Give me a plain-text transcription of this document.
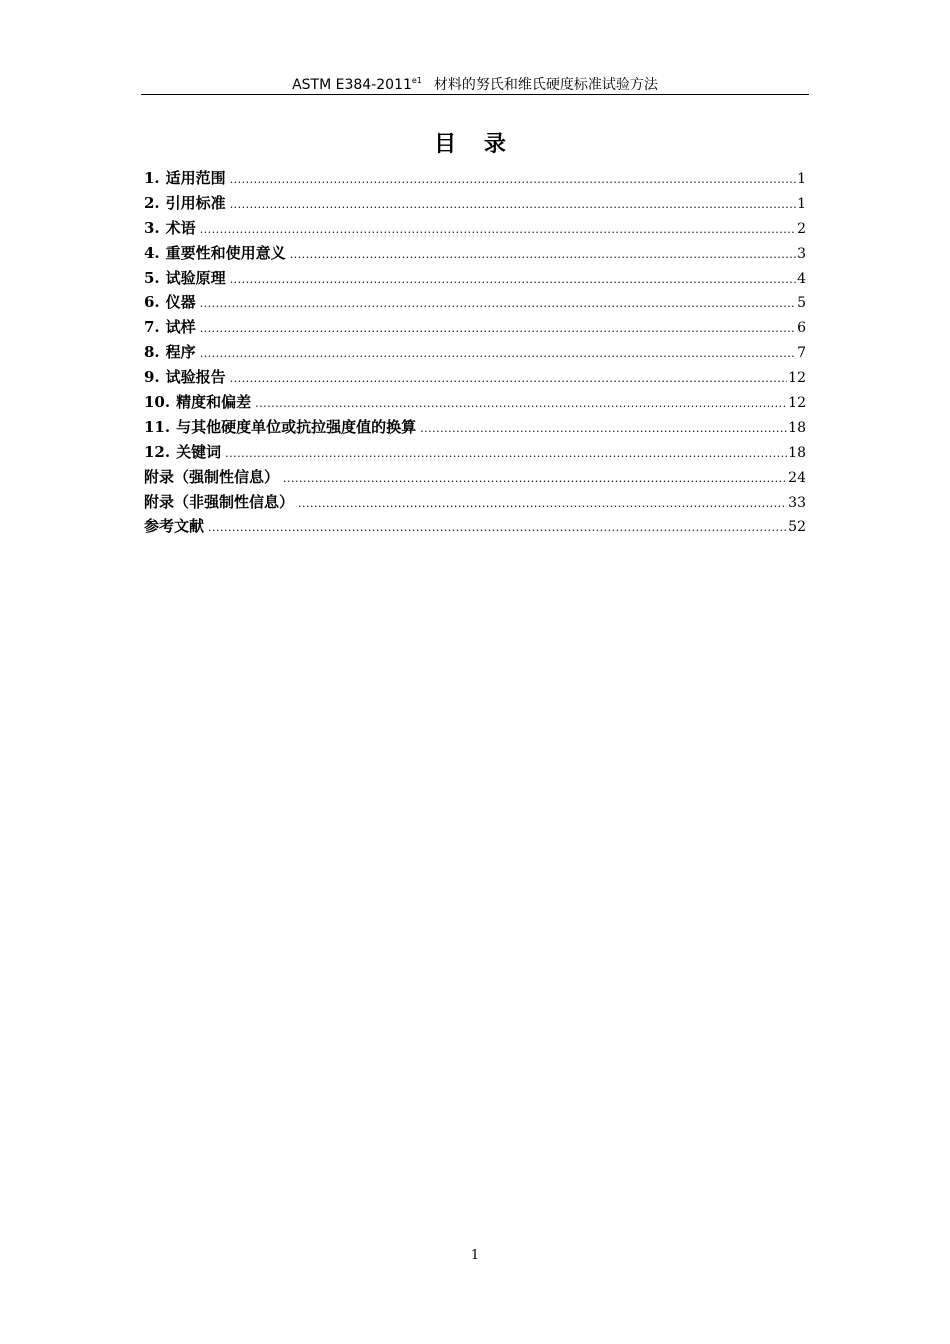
ASTM $E384-2011^{e1}$ 材料的努氏和维氏硬度标准试验方法
目 录
1. 适用范围 .....	1
2. 引用标准 .....	1
3. 术语 .....	2
4. 重要性和使用意义 .....	3
5. 试验原理 .....	4
6. 仪器 .....	5
7. 试样 .....	6
8. 程序 .....	7
9. 试验报告 .....	12
10. 精度和偏差 .....	12
11. 与其他硬度单位或抗拉强度值的换算 .....	18
12. 关键词 .....	18
附录（强制性信息） .....	24
附录（非强制性信息） .....	33
参考文献 .....	52
1
